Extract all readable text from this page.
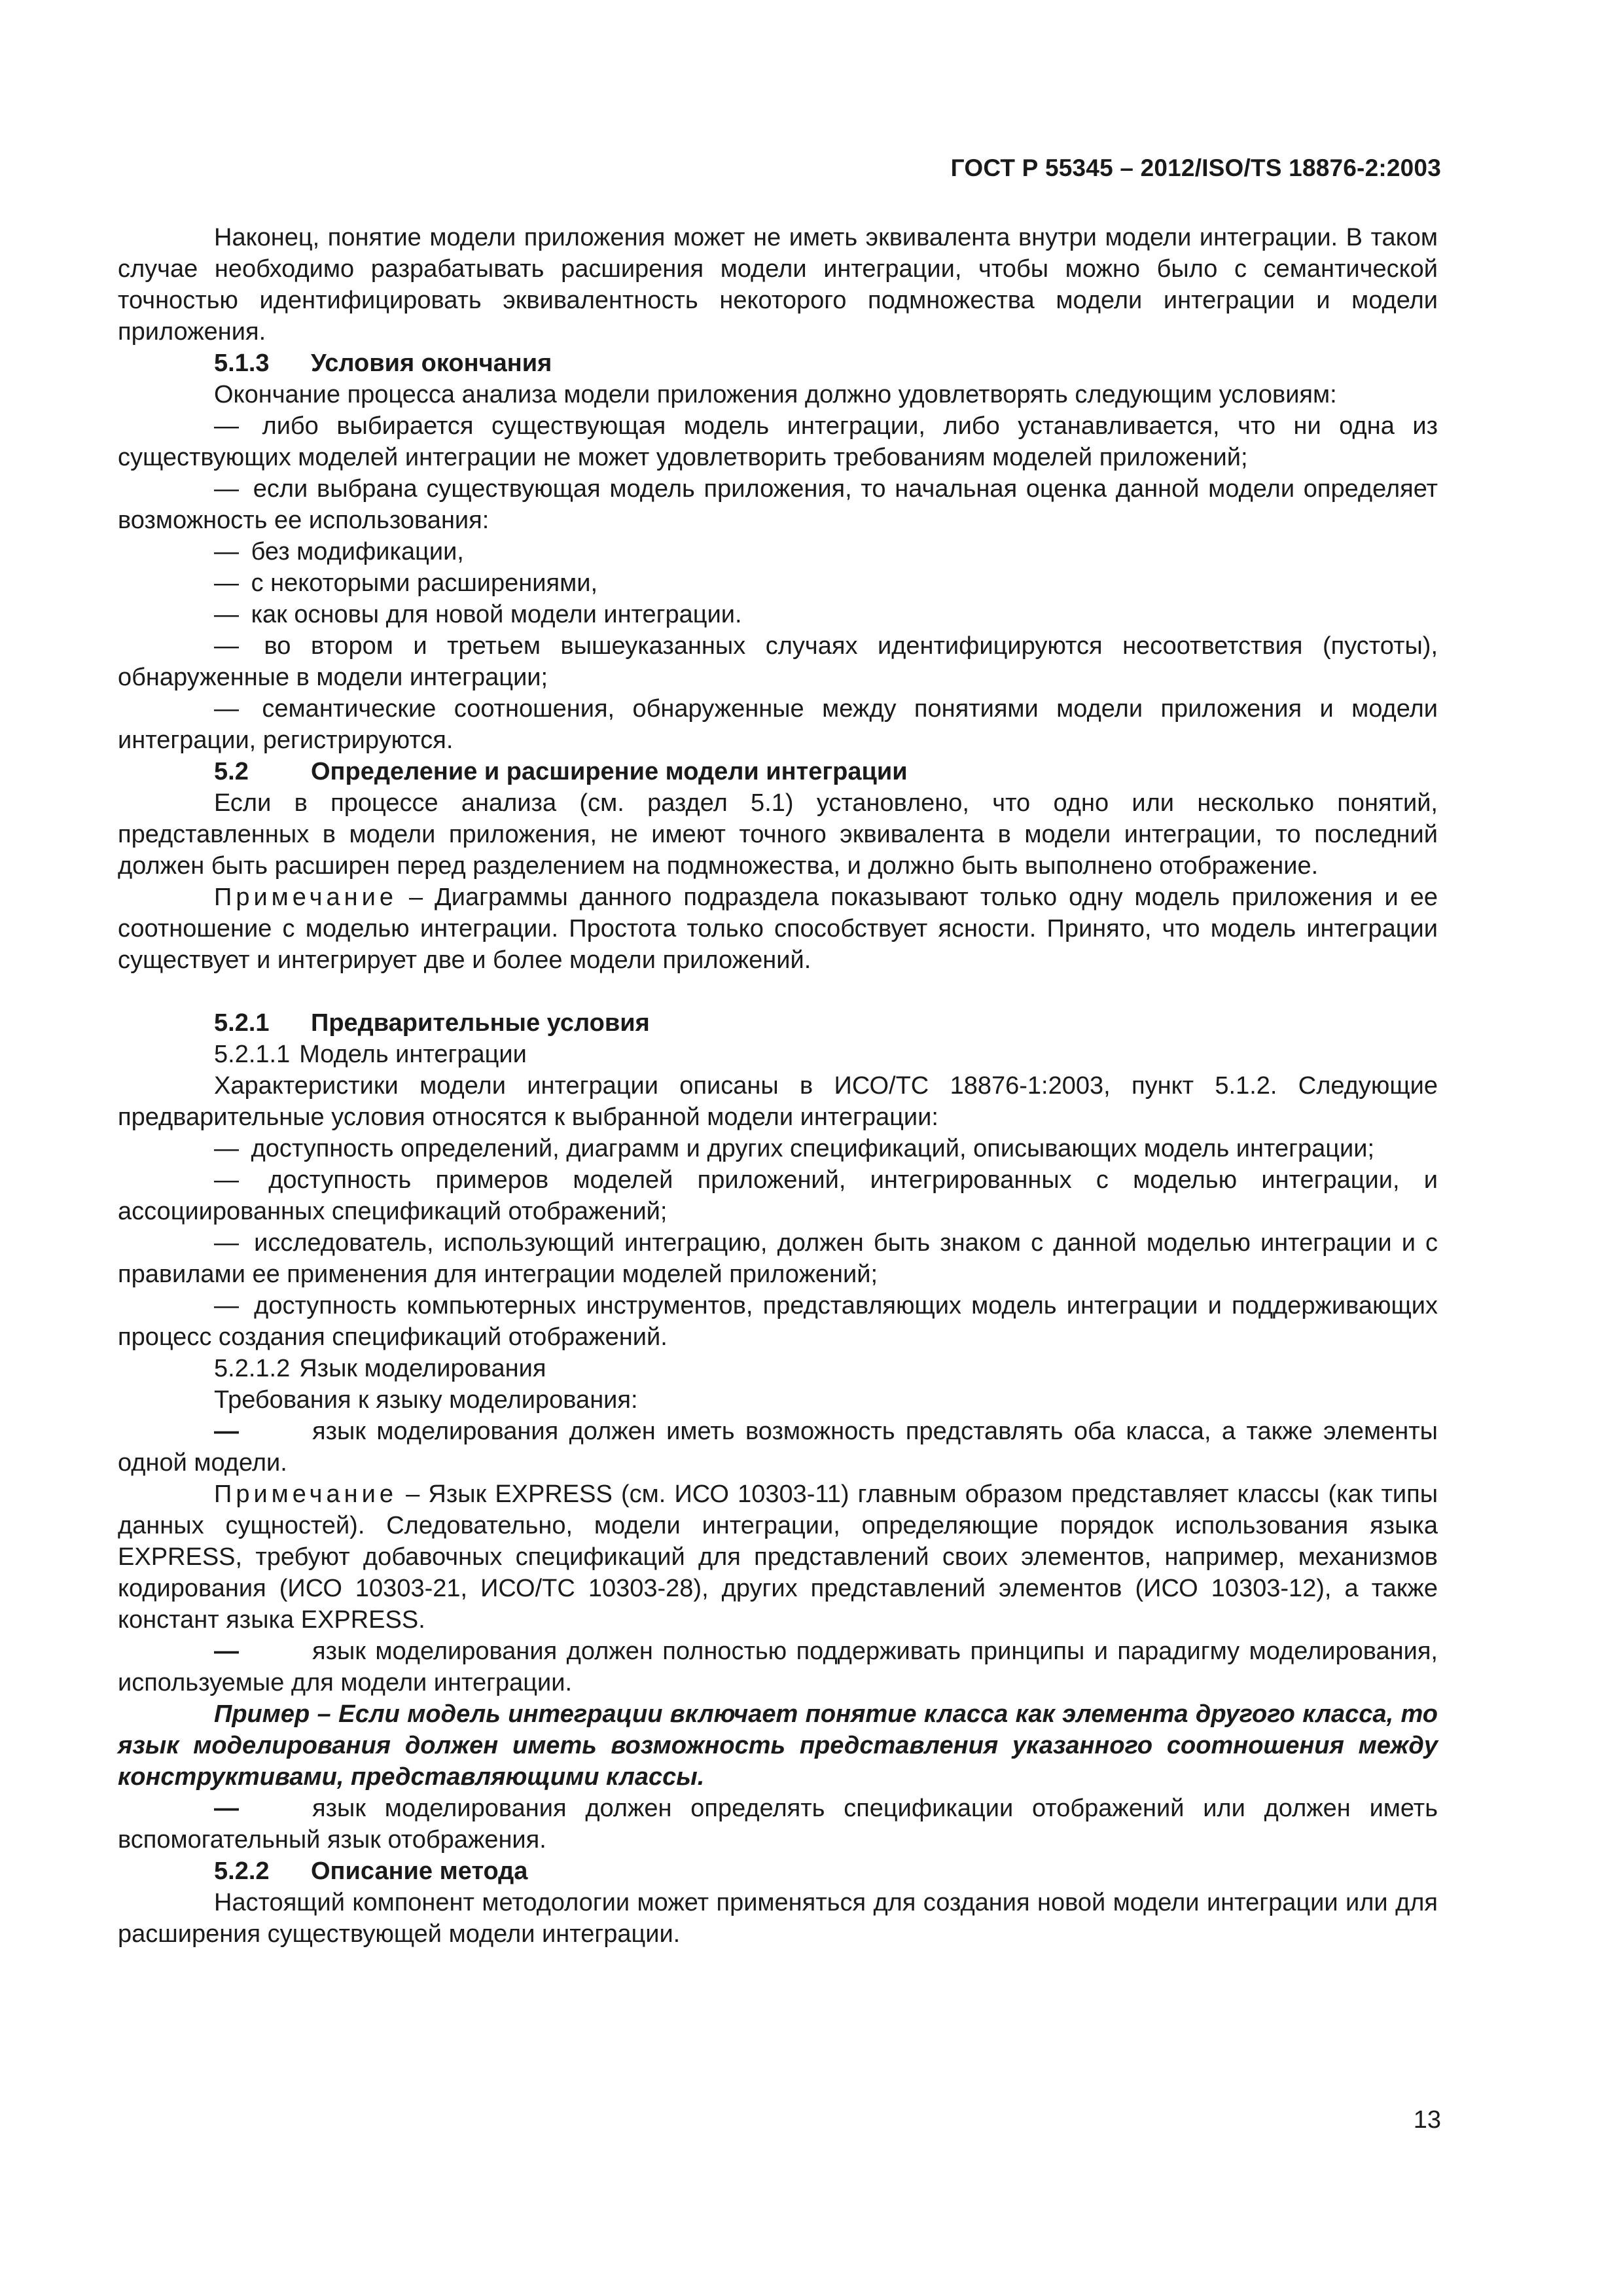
ГОСТ Р 55345 – 2012/ISO/TS 18876-2:2003

Наконец, понятие модели приложения может не иметь эквивалента внутри модели интеграции. В таком случае необходимо разрабатывать расширения модели интеграции, чтобы можно было с семантической точностью идентифицировать эквивалентность некоторого подмножества модели интеграции и модели приложения.

5.1.3 Условия окончания

Окончание процесса анализа модели приложения должно удовлетворять следующим условиям:

— либо выбирается существующая модель интеграции, либо устанавливается, что ни одна из существующих моделей интеграции не может удовлетворить требованиям моделей приложений;

— если выбрана существующая модель приложения, то начальная оценка данной модели определяет возможность ее использования:

— без модификации,

— с некоторыми расширениями,

— как основы для новой модели интеграции.

— во втором и третьем вышеуказанных случаях идентифицируются несоответствия (пустоты), обнаруженные в модели интеграции;

— семантические соотношения, обнаруженные между понятиями модели приложения и модели интеграции, регистрируются.

5.2	Определение и расширение модели интеграции

Если в процессе анализа (см. раздел 5.1) установлено, что одно или несколько понятий, представленных в модели приложения, не имеют точного эквивалента в модели интеграции, то последний должен быть расширен перед разделением на подмножества, и должно быть выполнено отображение.

Примечание – Диаграммы данного подраздела показывают только одну модель приложения и ее соотношение с моделью интеграции. Простота только способствует ясности. Принято, что модель интеграции существует и интегрирует две и более модели приложений.

5.2.1 Предварительные условия

5.2.1.1 Модель интеграции

Характеристики модели интеграции описаны в ИСО/ТС 18876-1:2003, пункт 5.1.2. Следующие предварительные условия относятся к выбранной модели интеграции:

— доступность определений, диаграмм и других спецификаций, описывающих модель интеграции;

— доступность примеров моделей приложений, интегрированных с моделью интеграции, и ассоциированных спецификаций отображений;

— исследователь, использующий интеграцию, должен быть знаком с данной моделью интеграции и с правилами ее применения для интеграции моделей приложений;

— доступность компьютерных инструментов, представляющих модель интеграции и поддерживающих процесс создания спецификаций отображений.

5.2.1.2 Язык моделирования

Требования к языку моделирования:

—	язык моделирования должен иметь возможность представлять оба класса, а также элементы одной модели.

Примечание – Язык EXPRESS (см. ИСО 10303-11) главным образом представляет классы (как типы данных сущностей). Следовательно, модели интеграции, определяющие порядок использования языка EXPRESS, требуют добавочных спецификаций для представлений своих элементов, например, механизмов кодирования (ИСО 10303-21, ИСО/ТС 10303-28), других представлений элементов (ИСО 10303-12), а также констант языка EXPRESS.

—	язык моделирования должен полностью поддерживать принципы и парадигму моделирования, используемые для модели интеграции.

Пример – Если модель интеграции включает понятие класса как элемента другого класса, то язык моделирования должен иметь возможность представления указанного соотношения между конструктивами, представляющими классы.

—	язык моделирования должен определять спецификации отображений или должен иметь вспомогательный язык отображения.

5.2.2 Описание метода

Настоящий компонент методологии может применяться для создания новой модели интеграции или для расширения существующей модели интеграции.

13
